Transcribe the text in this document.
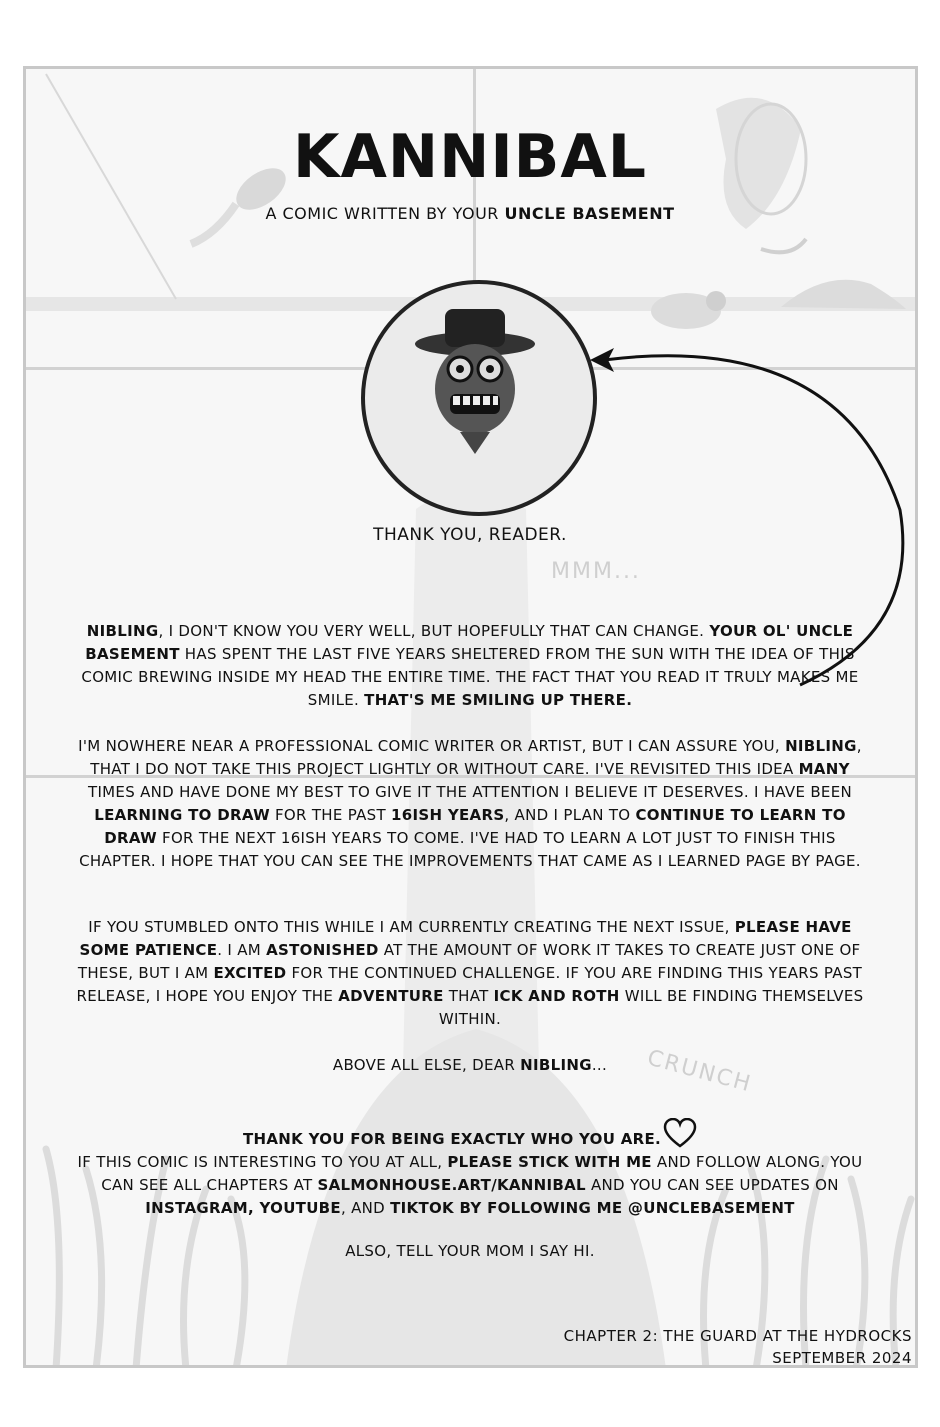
MMM...
CRUNCH
KANNIBAL
A COMIC WRITTEN BY YOUR UNCLE BASEMENT
THANK YOU, READER.
NIBLING, I DON'T KNOW YOU VERY WELL, BUT HOPEFULLY THAT CAN CHANGE. YOUR OL' UNCLE BASEMENT HAS SPENT THE LAST FIVE YEARS SHELTERED FROM THE SUN WITH THE IDEA OF THIS COMIC BREWING INSIDE MY HEAD THE ENTIRE TIME. THE FACT THAT YOU READ IT TRULY MAKES ME SMILE. THAT'S ME SMILING UP THERE.
I'M NOWHERE NEAR A PROFESSIONAL COMIC WRITER OR ARTIST, BUT I CAN ASSURE YOU, NIBLING, THAT I DO NOT TAKE THIS PROJECT LIGHTLY OR WITHOUT CARE. I'VE REVISITED THIS IDEA MANY TIMES AND HAVE DONE MY BEST TO GIVE IT THE ATTENTION I BELIEVE IT DESERVES. I HAVE BEEN LEARNING TO DRAW FOR THE PAST 16ISH YEARS, AND I PLAN TO CONTINUE TO LEARN TO DRAW FOR THE NEXT 16ISH YEARS TO COME. I'VE HAD TO LEARN A LOT JUST TO FINISH THIS CHAPTER. I HOPE THAT YOU CAN SEE THE IMPROVEMENTS THAT CAME AS I LEARNED PAGE BY PAGE.
IF YOU STUMBLED ONTO THIS WHILE I AM CURRENTLY CREATING THE NEXT ISSUE, PLEASE HAVE SOME PATIENCE. I AM ASTONISHED AT THE AMOUNT OF WORK IT TAKES TO CREATE JUST ONE OF THESE, BUT I AM EXCITED FOR THE CONTINUED CHALLENGE. IF YOU ARE FINDING THIS YEARS PAST RELEASE, I HOPE YOU ENJOY THE ADVENTURE THAT ICK AND ROTH WILL BE FINDING THEMSELVES WITHIN.
ABOVE ALL ELSE, DEAR NIBLING...
THANK YOU FOR BEING EXACTLY WHO YOU ARE.
IF THIS COMIC IS INTERESTING TO YOU AT ALL, PLEASE STICK WITH ME AND FOLLOW ALONG. YOU CAN SEE ALL CHAPTERS AT SALMONHOUSE.ART/KANNIBAL AND YOU CAN SEE UPDATES ON INSTAGRAM, YOUTUBE, AND TIKTOK BY FOLLOWING ME @UNCLEBASEMENT
ALSO, TELL YOUR MOM I SAY HI.
CHAPTER 2: THE GUARD AT THE HYDROCKS
SEPTEMBER 2024
